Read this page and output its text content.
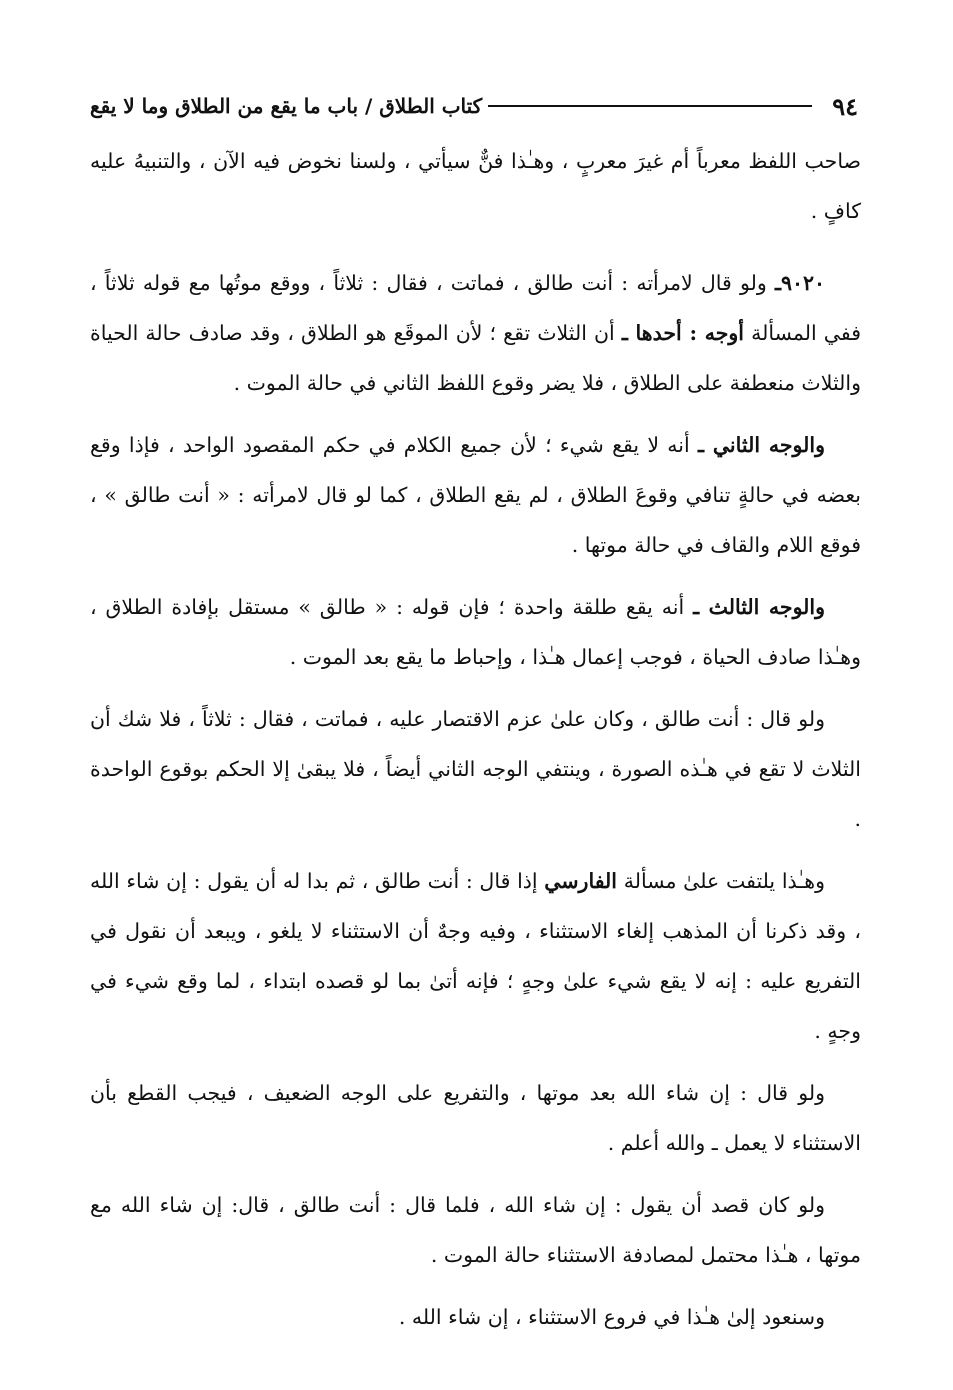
٩٤
كتاب الطلاق / باب ما يقع من الطلاق وما لا يقع

صاحب اللفظ معرباً أم غيرَ معربٍ ، وهـٰذا فنٌّ سيأتي ، ولسنا نخوض فيه الآن ، والتنبيهُ عليه كافٍ .

٩٠٢٠ـ ولو قال لامرأته : أنت طالق ، فماتت ، فقال : ثلاثاً ، ووقع موتُها مع قوله ثلاثاً ، ففي المسألة أوجه : أحدها ـ أن الثلاث تقع ؛ لأن الموقَع هو الطلاق ، وقد صادف حالة الحياة والثلاث منعطفة على الطلاق ، فلا يضر وقوع اللفظ الثاني في حالة الموت .

والوجه الثاني ـ أنه لا يقع شيء ؛ لأن جميع الكلام في حكم المقصود الواحد ، فإذا وقع بعضه في حالةٍ تنافي وقوعَ الطلاق ، لم يقع الطلاق ، كما لو قال لامرأته : « أنت طالق » ، فوقع اللام والقاف في حالة موتها .

والوجه الثالث ـ أنه يقع طلقة واحدة ؛ فإن قوله : « طالق » مستقل بإفادة الطلاق ، وهـٰذا صادف الحياة ، فوجب إعمال هـٰذا ، وإحباط ما يقع بعد الموت .

ولو قال : أنت طالق ، وكان علىٰ عزم الاقتصار عليه ، فماتت ، فقال : ثلاثاً ، فلا شك أن الثلاث لا تقع في هـٰذه الصورة ، وينتفي الوجه الثاني أيضاً ، فلا يبقىٰ إلا الحكم بوقوع الواحدة .

وهـٰذا يلتفت علىٰ مسألة الفارسي إذا قال : أنت طالق ، ثم بدا له أن يقول : إن شاء الله ، وقد ذكرنا أن المذهب إلغاء الاستثناء ، وفيه وجهٌ أن الاستثناء لا يلغو ، ويبعد أن نقول في التفريع عليه : إنه لا يقع شيء علىٰ وجهٍ ؛ فإنه أتىٰ بما لو قصده ابتداء ، لما وقع شيء في وجهٍ .

ولو قال : إن شاء الله بعد موتها ، والتفريع على الوجه الضعيف ، فيجب القطع بأن الاستثناء لا يعمل ـ والله أعلم .

ولو كان قصد أن يقول : إن شاء الله ، فلما قال : أنت طالق ، قال: إن شاء الله مع موتها ، هـٰذا محتمل لمصادفة الاستثناء حالة الموت .

وسنعود إلىٰ هـٰذا في فروع الاستثناء ، إن شاء الله .
